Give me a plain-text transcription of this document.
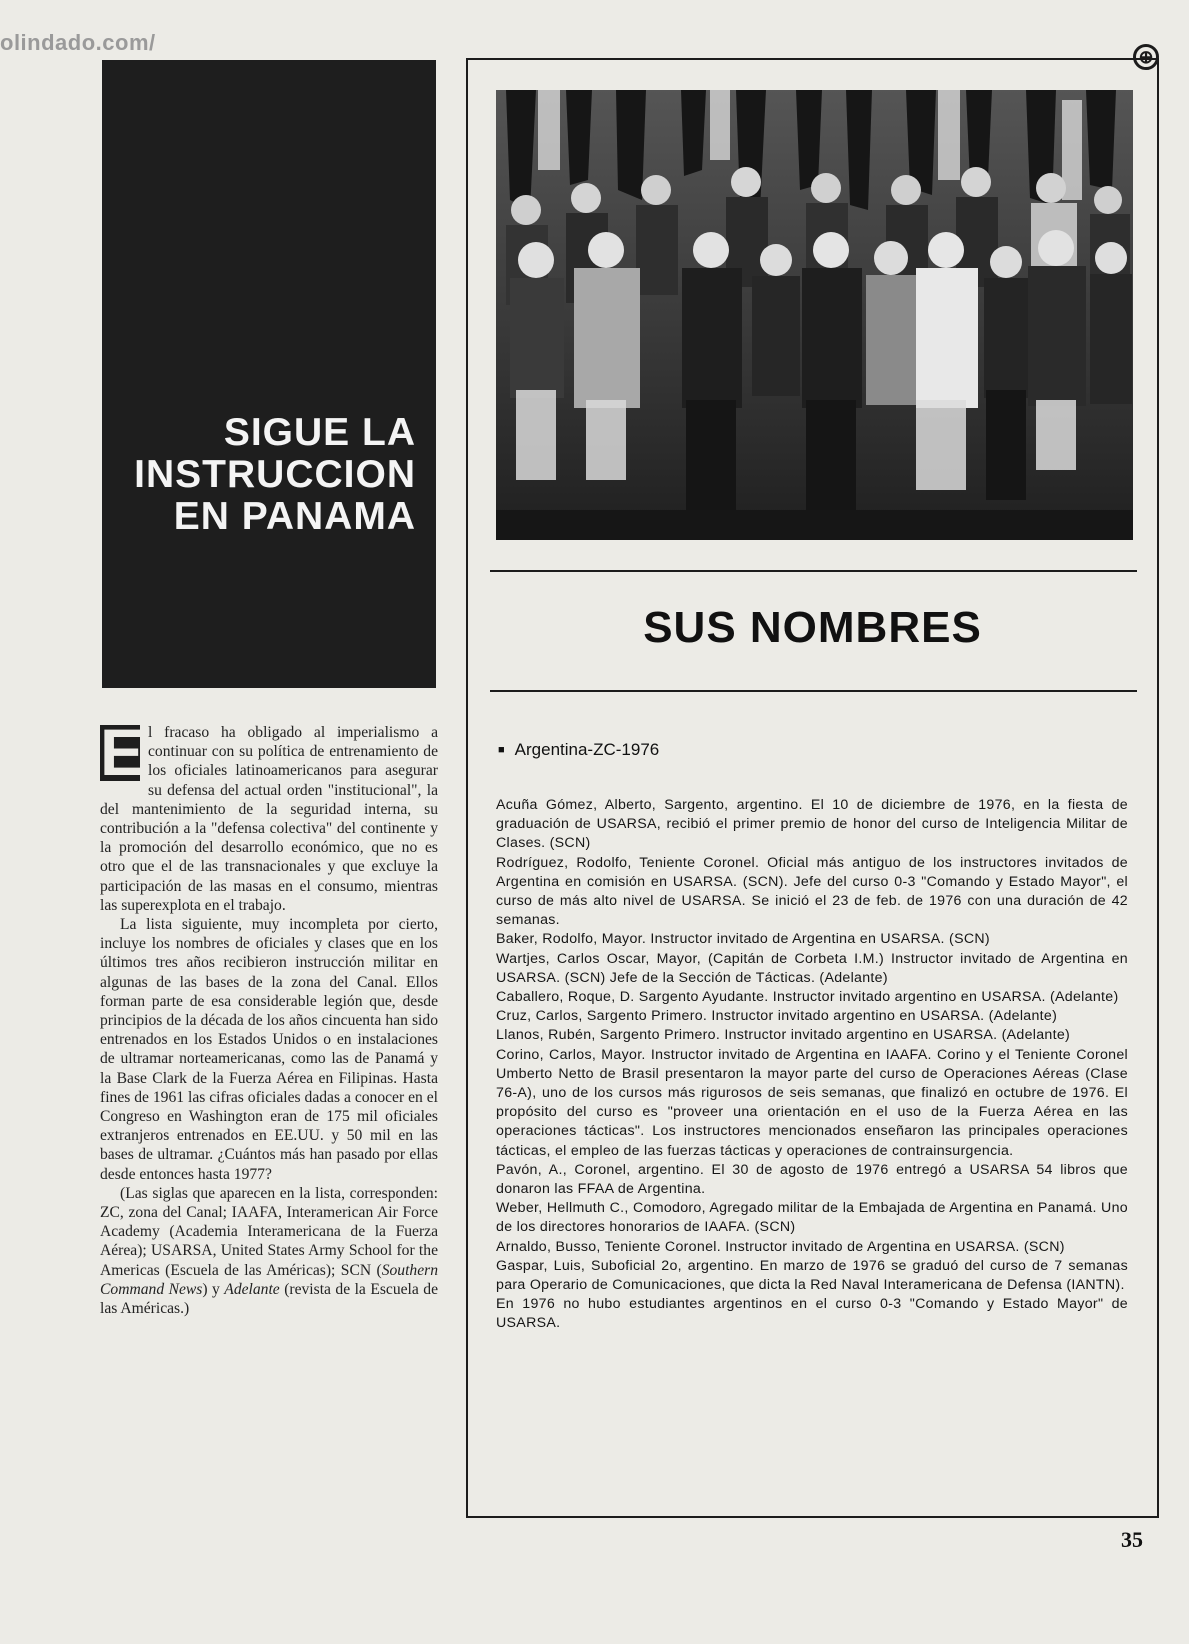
olindado.com/
⊕
SIGUE LA
INSTRUCCION
EN PANAMA

E l fracaso ha obligado al imperialismo a continuar con su política de entrenamiento de los oficiales latinoamericanos para asegurar su defensa del actual orden "institucional", la del mantenimiento de la seguridad interna, su contribución a la "defensa colectiva" del continente y la promoción del desarrollo económico, que no es otro que el de las transnacionales y que excluye la participación de las masas en el consumo, mientras las superexplota en el trabajo.

La lista siguiente, muy incompleta por cierto, incluye los nombres de oficiales y clases que en los últimos tres años recibieron instrucción militar en algunas de las bases de la zona del Canal. Ellos forman parte de esa considerable legión que, desde principios de la década de los años cincuenta han sido entrenados en los Estados Unidos o en instalaciones de ultramar norteamericanas, como las de Panamá y la Base Clark de la Fuerza Aérea en Filipinas. Hasta fines de 1961 las cifras oficiales dadas a conocer en el Congreso en Washington eran de 175 mil oficiales extranjeros entrenados en EE.UU. y 50 mil en las bases de ultramar. ¿Cuántos más han pasado por ellas desde entonces hasta 1977?

(Las siglas que aparecen en la lista, corresponden: ZC, zona del Canal; IAAFA, Interamerican Air Force Academy (Academia Interamericana de la Fuerza Aérea); USARSA, United States Army School for the Americas (Escuela de las Américas); SCN (Southern Command News) y Adelante (revista de la Escuela de las Américas.)

SUS NOMBRES
■ Argentina-ZC-1976

Acuña Gómez, Alberto, Sargento, argentino. El 10 de diciembre de 1976, en la fiesta de graduación de USARSA, recibió el primer premio de honor del curso de Inteligencia Militar de Clases. (SCN)

Rodríguez, Rodolfo, Teniente Coronel. Oficial más antiguo de los instructores invitados de Argentina en comisión en USARSA. (SCN). Jefe del curso 0-3 "Comando y Estado Mayor", el curso de más alto nivel de USARSA. Se inició el 23 de feb. de 1976 con una duración de 42 semanas.

Baker, Rodolfo, Mayor. Instructor invitado de Argentina en USARSA. (SCN)

Wartjes, Carlos Oscar, Mayor, (Capitán de Corbeta I.M.) Instructor invitado de Argentina en USARSA. (SCN) Jefe de la Sección de Tácticas. (Adelante)

Caballero, Roque, D. Sargento Ayudante. Instructor invitado argentino en USARSA. (Adelante)

Cruz, Carlos, Sargento Primero. Instructor invitado argentino en USARSA. (Adelante)

Llanos, Rubén, Sargento Primero. Instructor invitado argentino en USARSA. (Adelante)

Corino, Carlos, Mayor. Instructor invitado de Argentina en IAAFA. Corino y el Teniente Coronel Umberto Netto de Brasil presentaron la mayor parte del curso de Operaciones Aéreas (Clase 76-A), uno de los cursos más rigurosos de seis semanas, que finalizó en octubre de 1976. El propósito del curso es "proveer una orientación en el uso de la Fuerza Aérea en las operaciones tácticas". Los instructores mencionados enseñaron las principales operaciones tácticas, el empleo de las fuerzas tácticas y operaciones de contrainsurgencia.

Pavón, A., Coronel, argentino. El 30 de agosto de 1976 entregó a USARSA 54 libros que donaron las FFAA de Argentina.

Weber, Hellmuth C., Comodoro, Agregado militar de la Embajada de Argentina en Panamá. Uno de los directores honorarios de IAAFA. (SCN)

Arnaldo, Busso, Teniente Coronel. Instructor invitado de Argentina en USARSA. (SCN)

Gaspar, Luis, Suboficial 2o, argentino. En marzo de 1976 se graduó del curso de 7 semanas para Operario de Comunicaciones, que dicta la Red Naval Interamericana de Defensa (IANTN).

En 1976 no hubo estudiantes argentinos en el curso 0-3 "Comando y Estado Mayor" de USARSA.

35
